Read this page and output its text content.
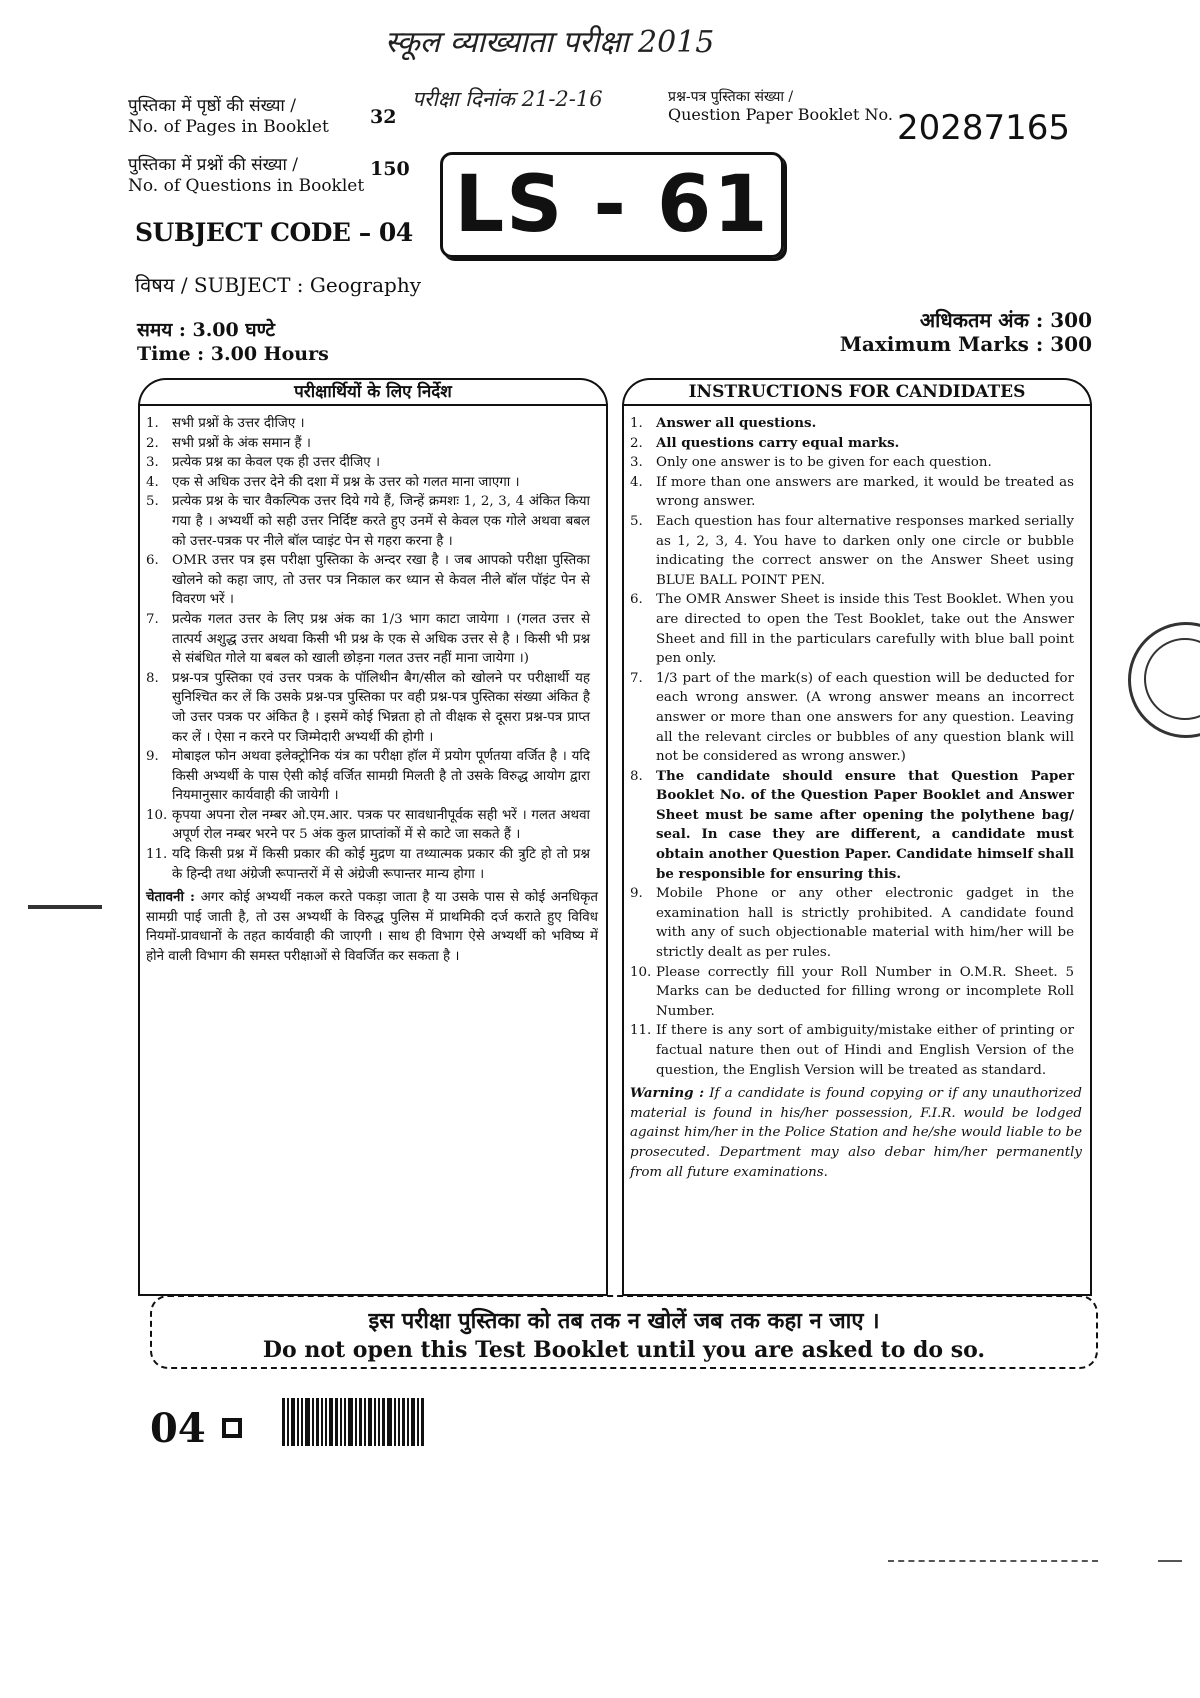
स्कूल व्याख्याता परीक्षा 2015
परीक्षा दिनांक 21-2-16
पुस्तिका में पृष्ठों की संख्या /
No. of Pages in Booklet 32
प्रश्न-पत्र पुस्तिका संख्या /
Question Paper Booklet No. 20287165
पुस्तिका में प्रश्नों की संख्या /
No. of Questions in Booklet
150 LS - 61
SUBJECT CODE – 04
विषय / SUBJECT : Geography
समय : 3.00 घण्टे
Time : 3.00 Hours
अधिकतम अंक : 300
Maximum Marks : 300
परीक्षार्थियों के लिए निर्देश
1. सभी प्रश्नों के उत्तर दीजिए ।
2. सभी प्रश्नों के अंक समान हैं ।
3. प्रत्येक प्रश्न का केवल एक ही उत्तर दीजिए ।
4. एक से अधिक उत्तर देने की दशा में प्रश्न के उत्तर को गलत माना जाएगा ।
5. प्रत्येक प्रश्न के चार वैकल्पिक उत्तर दिये गये हैं, जिन्हें क्रमशः 1, 2, 3, 4 अंकित किया गया है । अभ्यर्थी को सही उत्तर निर्दिष्ट करते हुए उनमें से केवल एक गोले अथवा बबल को उत्तर-पत्रक पर नीले बॉल प्वाइंट पेन से गहरा करना है ।
6. OMR उत्तर पत्र इस परीक्षा पुस्तिका के अन्दर रखा है । जब आपको परीक्षा पुस्तिका खोलने को कहा जाए, तो उत्तर पत्र निकाल कर ध्यान से केवल नीले बॉल पॉइंट पेन से विवरण भरें ।
7. प्रत्येक गलत उत्तर के लिए प्रश्न अंक का 1/3 भाग काटा जायेगा । (गलत उत्तर से तात्पर्य अशुद्ध उत्तर अथवा किसी भी प्रश्न के एक से अधिक उत्तर से है । किसी भी प्रश्न से संबंधित गोले या बबल को खाली छोड़ना गलत उत्तर नहीं माना जायेगा ।)
8. प्रश्न-पत्र पुस्तिका एवं उत्तर पत्रक के पॉलिथीन बैग/सील को खोलने पर परीक्षार्थी यह सुनिश्चित कर लें कि उसके प्रश्न-पत्र पुस्तिका पर वही प्रश्न-पत्र पुस्तिका संख्या अंकित है जो उत्तर पत्रक पर अंकित है । इसमें कोई भिन्नता हो तो वीक्षक से दूसरा प्रश्न-पत्र प्राप्त कर लें । ऐसा न करने पर जिम्मेदारी अभ्यर्थी की होगी ।
9. मोबाइल फोन अथवा इलेक्ट्रोनिक यंत्र का परीक्षा हॉल में प्रयोग पूर्णतया वर्जित है । यदि किसी अभ्यर्थी के पास ऐसी कोई वर्जित सामग्री मिलती है तो उसके विरुद्ध आयोग द्वारा नियमानुसार कार्यवाही की जायेगी ।
10. कृपया अपना रोल नम्बर ओ.एम.आर. पत्रक पर सावधानीपूर्वक सही भरें । गलत अथवा अपूर्ण रोल नम्बर भरने पर 5 अंक कुल प्राप्तांकों में से काटे जा सकते हैं ।
11. यदि किसी प्रश्न में किसी प्रकार की कोई मुद्रण या तथ्यात्मक प्रकार की त्रुटि हो तो प्रश्न के हिन्दी तथा अंग्रेजी रूपान्तरों में से अंग्रेजी रूपान्तर मान्य होगा ।
चेतावनी : अगर कोई अभ्यर्थी नकल करते पकड़ा जाता है या उसके पास से कोई अनधिकृत सामग्री पाई जाती है, तो उस अभ्यर्थी के विरुद्ध पुलिस में प्राथमिकी दर्ज कराते हुए विविध नियमों-प्रावधानों के तहत कार्यवाही की जाएगी । साथ ही विभाग ऐसे अभ्यर्थी को भविष्य में होने वाली विभाग की समस्त परीक्षाओं से विवर्जित कर सकता है ।
INSTRUCTIONS FOR CANDIDATES
1. Answer all questions.
2. All questions carry equal marks.
3. Only one answer is to be given for each question.
4. If more than one answers are marked, it would be treated as wrong answer.
5. Each question has four alternative responses marked serially as 1, 2, 3, 4. You have to darken only one circle or bubble indicating the correct answer on the Answer Sheet using BLUE BALL POINT PEN.
6. The OMR Answer Sheet is inside this Test Booklet. When you are directed to open the Test Booklet, take out the Answer Sheet and fill in the particulars carefully with blue ball point pen only.
7. 1/3 part of the mark(s) of each question will be deducted for each wrong answer. (A wrong answer means an incorrect answer or more than one answers for any question. Leaving all the relevant circles or bubbles of any question blank will not be considered as wrong answer.)
8. The candidate should ensure that Question Paper Booklet No. of the Question Paper Booklet and Answer Sheet must be same after opening the polythene bag/ seal. In case they are different, a candidate must obtain another Question Paper. Candidate himself shall be responsible for ensuring this.
9. Mobile Phone or any other electronic gadget in the examination hall is strictly prohibited. A candidate found with any of such objectionable material with him/her will be strictly dealt as per rules.
10. Please correctly fill your Roll Number in O.M.R. Sheet. 5 Marks can be deducted for filling wrong or incomplete Roll Number.
11. If there is any sort of ambiguity/mistake either of printing or factual nature then out of Hindi and English Version of the question, the English Version will be treated as standard.
Warning : If a candidate is found copying or if any unauthorized material is found in his/her possession, F.I.R. would be lodged against him/her in the Police Station and he/she would liable to be prosecuted. Department may also debar him/her permanently from all future examinations.
इस परीक्षा पुस्तिका को तब तक न खोलें जब तक कहा न जाए ।
Do not open this Test Booklet until you are asked to do so.
04
